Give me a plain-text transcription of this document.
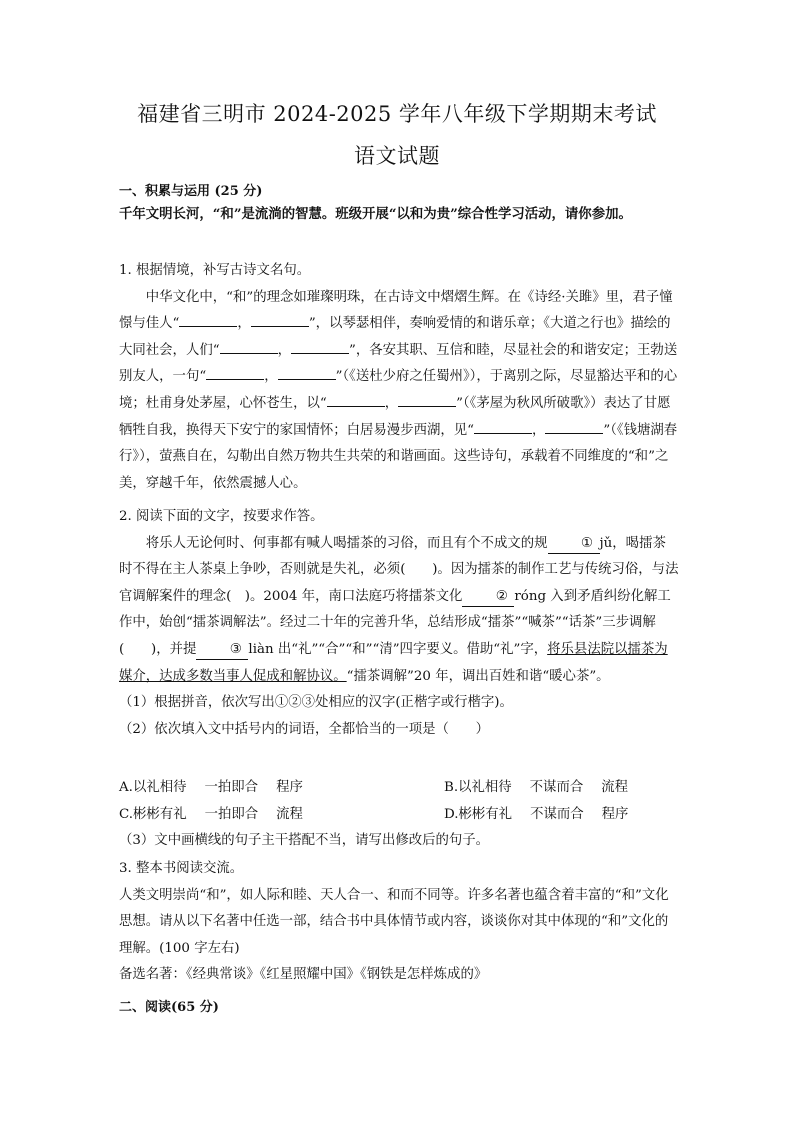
福建省三明市 2024-2025 学年八年级下学期期末考试
语文试题
一、积累与运用 (25 分)
千年文明长河，“和”是流淌的智慧。班级开展“以和为贵”综合性学习活动，请你参加。

1. 根据情境，补写古诗文名句。

中华文化中，“和”的理念如璀璨明珠，在古诗文中熠熠生辉。在《诗经·关雎》里，君子憧憬与佳人“	，	”，以琴瑟相伴，奏响爱情的和谐乐章；《大道之行也》描绘的大同社会，人们“	，	”，各安其职、互信和睦，尽显社会的和谐安定；王勃送别友人，一句“	，	”（《送杜少府之任蜀州》），于离别之际，尽显豁达平和的心境；杜甫身处茅屋，心怀苍生，以“	，	”（《茅屋为秋风所破歌》）表达了甘愿牺牲自我，换得天下安宁的家国情怀；白居易漫步西湖，见“	，	”（《钱塘湖春行》），萤燕自在，勾勒出自然万物共生共荣的和谐画面。这些诗句，承载着不同维度的“和”之美，穿越千年，依然震撼人心。

2. 阅读下面的文字，按要求作答。

将乐人无论何时、何事都有喊人喝擂茶的习俗，而且有个不成文的规 ① jǔ，喝擂茶时不得在主人茶桌上争吵，否则就是失礼，必须(　　)。因为擂茶的制作工艺与传统习俗，与法官调解案件的理念(　)。2004 年，南口法庭巧将擂茶文化 ② róng 入到矛盾纠纷化解工作中，始创“擂茶调解法”。经过二十年的完善升华，总结形成“擂茶”“喊茶”“话茶”三步调解(　　)，并提 ③ liàn 出“礼”“合”“和”“清”四字要义。借助“礼”字，将乐县法院以擂茶为媒介，达成多数当事人促成和解协议。“擂茶调解”20 年，调出百姓和谐“暖心茶”。

（1）根据拼音，依次写出①②③处相应的汉字(正楷字或行楷字)。

（2）依次填入文中括号内的词语，全都恰当的一项是（　　）

A.以礼相待 一拍即合 程序	B.以礼相待 不谋而合 流程
C.彬彬有礼 一拍即合 流程	D.彬彬有礼 不谋而合 程序

（3）文中画横线的句子主干搭配不当，请写出修改后的句子。

3. 整本书阅读交流。

人类文明崇尚“和”，如人际和睦、天人合一、和而不同等。许多名著也蕴含着丰富的“和”文化思想。请从以下名著中任选一部，结合书中具体情节或内容，谈谈你对其中体现的“和”文化的理解。(100 字左右)

备选名著：《经典常谈》《红星照耀中国》《钢铁是怎样炼成的》

二、阅读(65 分)
